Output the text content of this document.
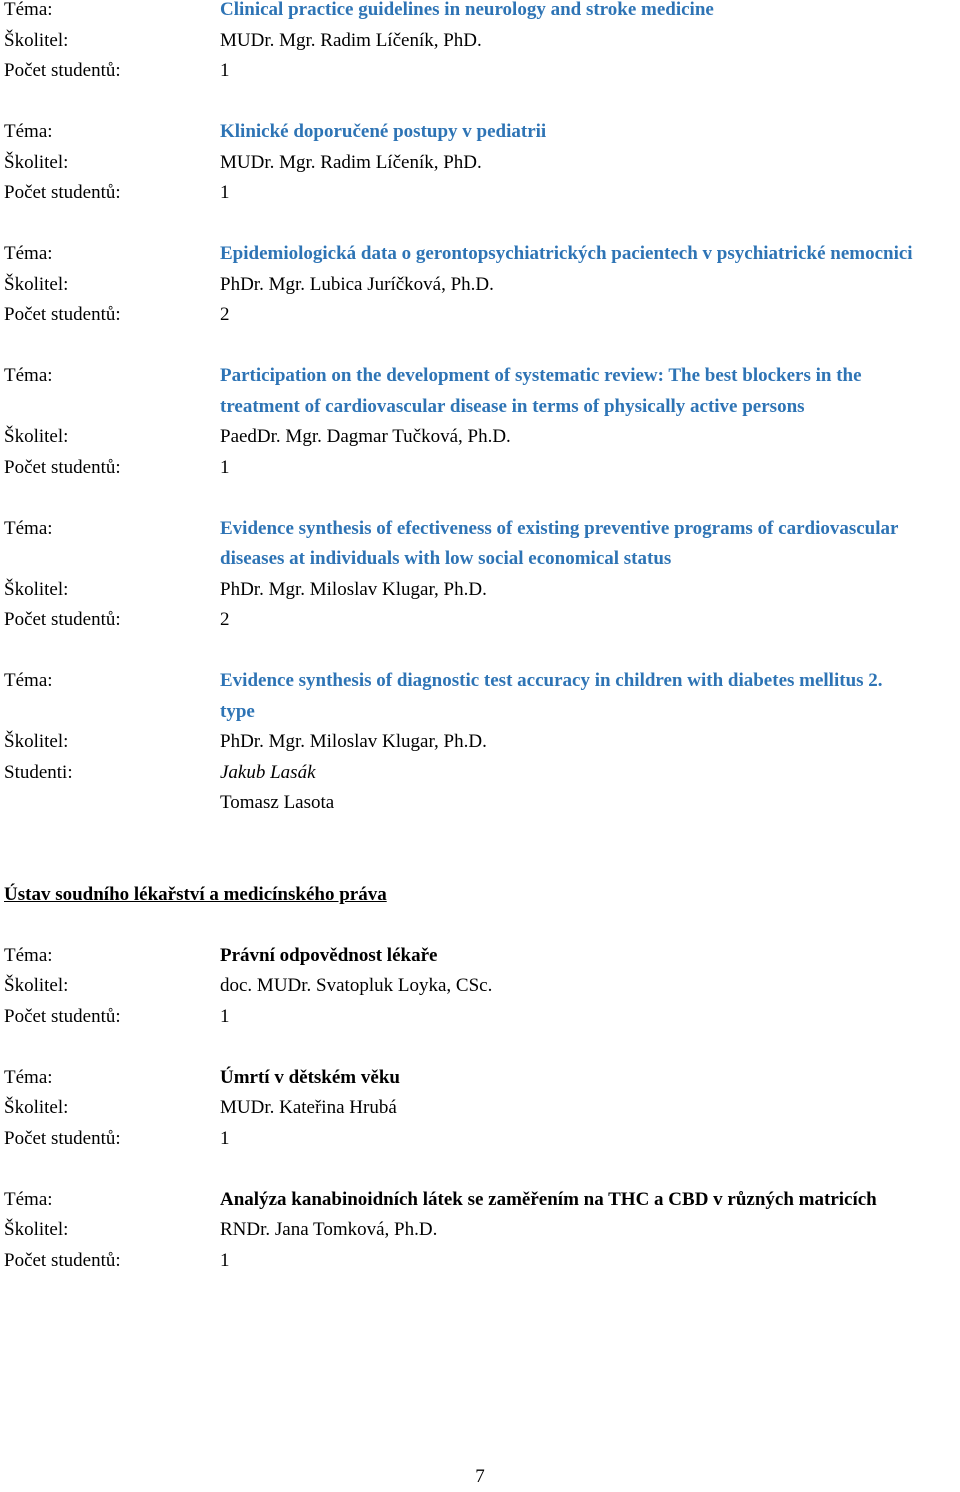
Téma:	Clinical practice guidelines in neurology and stroke medicine
Školitel:	MUDr. Mgr. Radim Líčeník, PhD.
Počet studentů:	1
Téma:	Klinické doporučené postupy v pediatrii
Školitel:	MUDr. Mgr. Radim Líčeník, PhD.
Počet studentů:	1
Téma:	Epidemiologická data o gerontopsychiatrických pacientech v psychiatrické nemocnici
Školitel:	PhDr. Mgr. Lubica Juríčková, Ph.D.
Počet studentů:	2
Téma:	Participation on the development of systematic review: The best blockers in the treatment of cardiovascular disease in terms of physically active persons
Školitel:	PaedDr. Mgr. Dagmar Tučková, Ph.D.
Počet studentů:	1
Téma:	Evidence synthesis of efectiveness of existing preventive programs of cardiovascular diseases at individuals with low social economical status
Školitel:	PhDr. Mgr. Miloslav Klugar, Ph.D.
Počet studentů:	2
Téma:	Evidence synthesis of diagnostic test accuracy in children with diabetes mellitus 2. type
Školitel:	PhDr. Mgr. Miloslav Klugar, Ph.D.
Studenti:	Jakub Lasák
Tomasz Lasota
Ústav soudního lékařství a medicínského práva
Téma:	Právní odpovědnost lékaře
Školitel:	doc. MUDr. Svatopluk Loyka, CSc.
Počet studentů:	1
Téma:	Úmrtí v dětském věku
Školitel:	MUDr. Kateřina Hrubá
Počet studentů:	1
Téma:	Analýza kanabinoidních látek se zaměřením na THC a CBD v různých matricích
Školitel:	RNDr. Jana Tomková, Ph.D.
Počet studentů:	1
7
